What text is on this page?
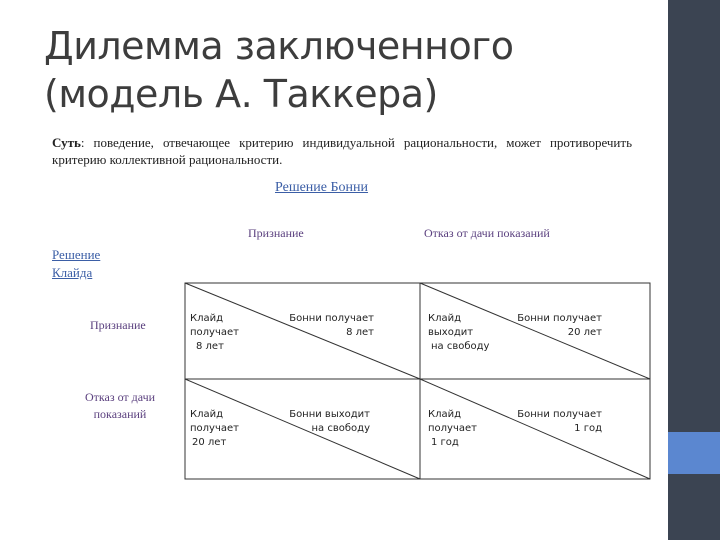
Дилемма заключенного
(модель А. Таккера)
Суть: поведение, отвечающее критерию индивидуальной рациональности, может противоречить критерию коллективной рациональности.
Решение Бонни
Признание	Отказ от дачи показаний
Решение
Клайда
Признание
Отказ от дачи
показаний
Клайд
получает
8 лет
Бонни получает
8 лет
Клайд
выходит
на свободу
Бонни получает
20 лет
Клайд
получает
20 лет
Бонни выходит
на свободу
Клайд
получает
1 год
Бонни получает
1 год
